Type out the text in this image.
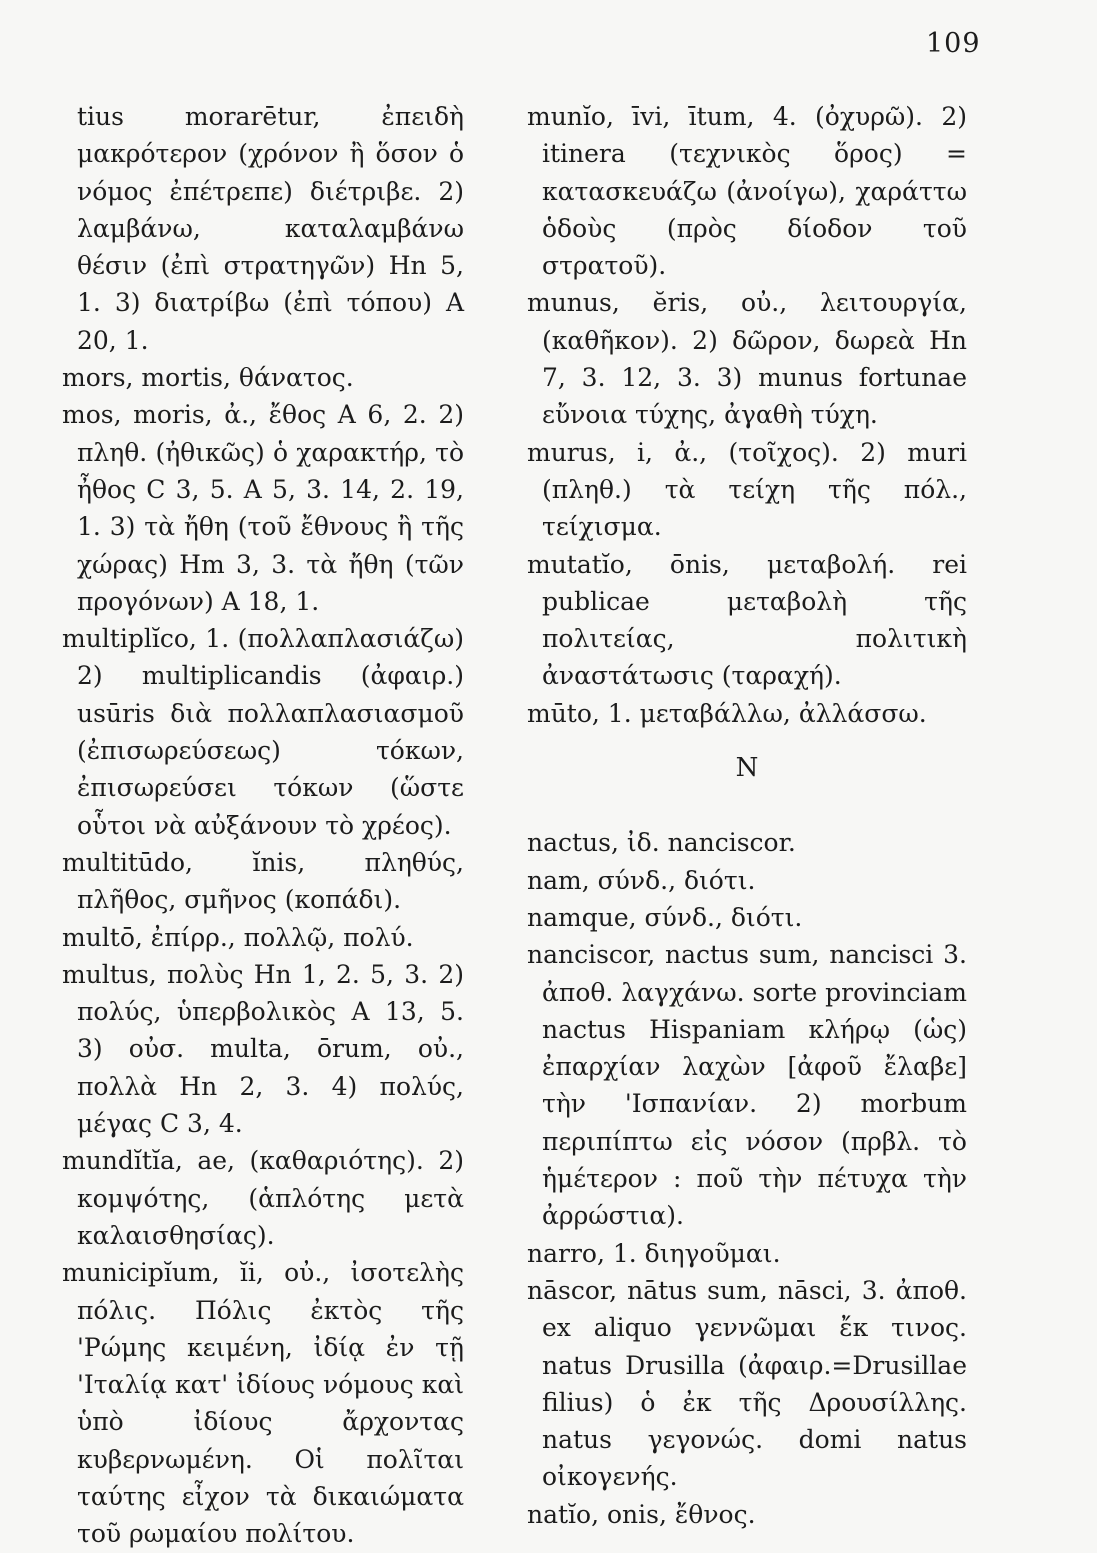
109

tius morarētur, ἐπειδὴ μακρότερον (χρόνον ἢ ὅσον ὁ νόμος ἐπέτρεπε) διέτριβε. 2) λαμβάνω, καταλαμβάνω θέσιν (ἐπὶ στρατηγῶν) Hn 5, 1. 3) διατρίβω (ἐπὶ τόπου) A 20, 1.

mors, mortis, θάνατος.

mos, moris, ἀ., ἔθος A 6, 2. 2) πληθ. (ἠθικῶς) ὁ χαρακτήρ, τὸ ἦθος C 3, 5. A 5, 3. 14, 2. 19, 1. 3) τὰ ἤθη (τοῦ ἔθνους ἢ τῆς χώρας) Hm 3, 3. τὰ ἤθη (τῶν προγόνων) A 18, 1.

multiplĭco, 1. (πολλαπλασιάζω) 2) multiplicandis (ἀφαιρ.) usūris διὰ πολλαπλασιασμοῦ (ἐπισωρεύσεως) τόκων, ἐπισωρεύσει τόκων (ὥστε οὗτοι νὰ αὐξάνουν τὸ χρέος).

multitūdo, ĭnis, πληθύς, πλῆθος, σμῆνος (κοπάδι).

multō, ἐπίρρ., πολλῷ, πολύ.

multus, πολὺς Hn 1, 2. 5, 3. 2) πολύς, ὑπερβολικὸς A 13, 5. 3) οὐσ. multa, ōrum, οὐ., πολλὰ Hn 2, 3. 4) πολύς, μέγας C 3, 4.

mundĭtĭa, ae, (καθαριότης). 2) κομψότης, (ἁπλότης μετὰ καλαισθησίας).

municipĭum, ĭi, οὐ., ἰσοτελὴς πόλις. Πόλις ἐκτὸς τῆς 'Ρώμης κειμένη, ἰδίᾳ ἐν τῇ 'Ιταλίᾳ κατ' ἰδίους νόμους καὶ ὑπὸ ἰδίους ἄρχοντας κυβερνωμένη. Οἱ πολῖται ταύτης εἶχον τὰ δικαιώματα τοῦ ρωμαίου πολίτου.

munĭo, īvi, ītum, 4. (ὀχυρῶ). 2) itinera (τεχνικὸς ὅρος) = κατασκευάζω (ἀνοίγω), χαράττω ὁδοὺς (πρὸς δίοδον τοῦ στρατοῦ).

munus, ĕris, οὐ., λειτουργία, (καθῆκον). 2) δῶρον, δωρεὰ Hn 7, 3. 12, 3. 3) munus fortunae εὔνοια τύχης, ἀγαθὴ τύχη.

murus, i, ἀ., (τοῖχος). 2) muri (πληθ.) τὰ τείχη τῆς πόλ., τείχισμα.

mutatĭo, ōnis, μεταβολή. rei publicae μεταβολὴ τῆς πολιτείας, πολιτικὴ ἀναστάτωσις (ταραχή).

mūto, 1. μεταβάλλω, ἀλλάσσω.

N

nactus, ἰδ. nanciscor.

nam, σύνδ., διότι.

namque, σύνδ., διότι.

nanciscor, nactus sum, nancisci 3. ἀποθ. λαγχάνω. sorte provinciam nactus Hispaniam κλήρῳ (ὡς) ἐπαρχίαν λαχὼν [ἀφοῦ ἔλαβε] τὴν 'Ισπανίαν. 2) morbum περιπίπτω εἰς νόσον (πρβλ. τὸ ἡμέτερον : ποῦ τὴν πέτυχα τὴν ἀρρώστια).

narro, 1. διηγοῦμαι.

nāscor, nātus sum, nāsci, 3. ἀποθ. ex aliquo γεννῶμαι ἔκ τινος. natus Drusilla (ἀφαιρ.=Drusillae filius) ὁ ἐκ τῆς Δρουσίλλης. natus γεγονώς. domi natus οἰκογενής.

natĭo, onis, ἔθνος.
